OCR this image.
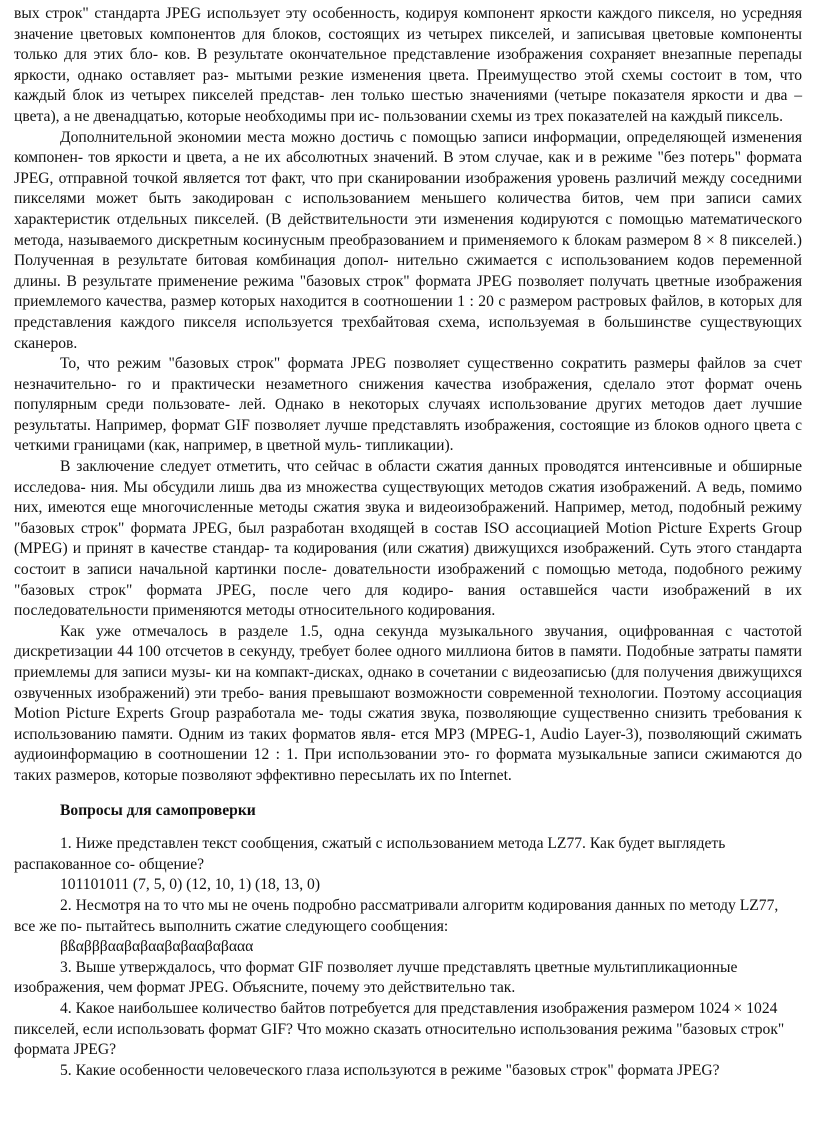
вых строк" стандарта JPEG использует эту особенность, кодируя компонент яркости каждого пикселя, но усредняя значение цветовых компонентов для блоков, состоящих из четырех пикселей, и записывая цветовые компоненты только для этих бло- ков. В результате окончательное представление изображения сохраняет внезапные перепады яркости, однако оставляет раз- мытыми резкие изменения цвета. Преимущество этой схемы состоит в том, что каждый блок из четырех пикселей представ- лен только шестью значениями (четыре показателя яркости и два – цвета), а не двенадцатью, которые необходимы при ис- пользовании схемы из трех показателей на каждый пиксель.

Дополнительной экономии места можно достичь с помощью записи информации, определяющей изменения компонен- тов яркости и цвета, а не их абсолютных значений. В этом случае, как и в режиме "без потерь" формата JPEG, отправной точкой является тот факт, что при сканировании изображения уровень различий между соседними пикселями может быть закодирован с использованием меньшего количества битов, чем при записи самих характеристик отдельных пикселей. (В действительности эти изменения кодируются с помощью математического метода, называемого дискретным косинусным преобразованием и применяемого к блокам размером 8 × 8 пикселей.) Полученная в результате битовая комбинация допол- нительно сжимается с использованием кодов переменной длины. В результате применение режима "базовых строк" формата JPEG позволяет получать цветные изображения приемлемого качества, размер которых находится в соотношении 1 : 20 с размером растровых файлов, в которых для представления каждого пикселя используется трехбайтовая схема, используемая в большинстве существующих сканеров.

То, что режим "базовых строк" формата JPEG позволяет существенно сократить размеры файлов за счет незначительно- го и практически незаметного снижения качества изображения, сделало этот формат очень популярным среди пользовате- лей. Однако в некоторых случаях использование других методов дает лучшие результаты. Например, формат GIF позволяет лучше представлять изображения, состоящие из блоков одного цвета с четкими границами (как, например, в цветной муль- типликации).

В заключение следует отметить, что сейчас в области сжатия данных проводятся интенсивные и обширные исследова- ния. Мы обсудили лишь два из множества существующих методов сжатия изображений. А ведь, помимо них, имеются еще многочисленные методы сжатия звука и видеоизображений. Например, метод, подобный режиму "базовых строк" формата JPEG, был разработан входящей в состав ISO ассоциацией Motion Picture Experts Group (MPEG) и принят в качестве стандар- та кодирования (или сжатия) движущихся изображений. Суть этого стандарта состоит в записи начальной картинки после- довательности изображений с помощью метода, подобного режиму "базовых строк" формата JPEG, после чего для кодиро- вания оставшейся части изображений в их последовательности применяются методы относительного кодирования.

Как уже отмечалось в разделе 1.5, одна секунда музыкального звучания, оцифрованная с частотой дискретизации 44 100 отсчетов в секунду, требует более одного миллиона битов в памяти. Подобные затраты памяти приемлемы для записи музы- ки на компакт-дисках, однако в сочетании с видеозаписью (для получения движущихся озвученных изображений) эти требо- вания превышают возможности современной технологии. Поэтому ассоциация Motion Picture Experts Group разработала ме- тоды сжатия звука, позволяющие существенно снизить требования к использованию памяти. Одним из таких форматов явля- ется MP3 (MPEG-1, Audio Layer-3), позволяющий сжимать аудиоинформацию в соотношении 12 : 1. При использовании это- го формата музыкальные записи сжимаются до таких размеров, которые позволяют эффективно пересылать их по Internet.

Вопросы для самопроверки

1. Ниже представлен текст сообщения, сжатый с использованием метода LZ77. Как будет выглядеть распакованное со- общение?

101101011 (7, 5, 0) (12, 10, 1) (18, 13, 0)

2. Несмотря на то что мы не очень подробно рассматривали алгоритм кодирования данных по методу LZ77, все же по- пытайтесь выполнить сжатие следующего сообщения:

βßαβββααβαβααβαβααβαβααα

3. Выше утверждалось, что формат GIF позволяет лучше представлять цветные мультипликационные изображения, чем формат JPEG. Объясните, почему это действительно так.

4. Какое наибольшее количество байтов потребуется для представления изображения размером 1024 × 1024 пикселей, если использовать формат GIF? Что можно сказать относительно использования режима "базовых строк" формата JPEG?

5. Какие особенности человеческого глаза используются в режиме "базовых строк" формата JPEG?
